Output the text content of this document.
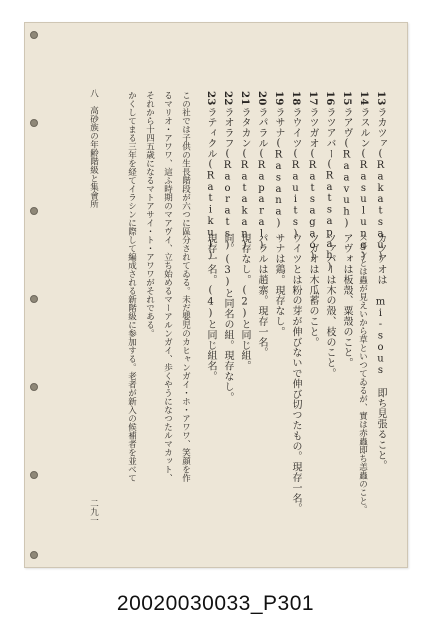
13
ラカツァ(Rakatsau)
カツアオは mi-sous 即ち見張ること。
14
ラスルン(Rasulung)
スルンとは蟲が見えいから草といつてゐるが、實は赤蟲即ち恙蟲のこと。
15
ラアヴ(Raavuh)
アヴォは板殼、粟殼のこと。
16
ラツアバー(Ratsapah)
ツァパーは木の殼、枝のこと。
17
ラツガオ(Ratsagao)
ツガオは木瓜蓄のこと。
18
ラウイツ(Rauits)
ウイツとは粉の芽が伸びないで伸び切つたもの。現存一名。
19
ラサナ(Rasana)
サナは鶏。現存なし。
20
ラパラル(Raparal)
パラルは趙寨。現存一名。
21
ラタカン(Ratakan)
現存なし。(2)と同じ組。
22
ラオラフ(Raorats)
同。(3)と同名の組。現存なし。
23
ラティクル(Ratikul)
現存一名。(4)と同じ組名。
この社では子供の生長階段が六つに區分されてゐる。未だ嬰児のカヒャンガイ・ホ・アワワ、笑顔を作
るマリオ・アワワ、這ふ時期のマアヴイ、立ち始めるマーアルンガイ、歩くやうになつたルマカット、
それから十四五歳になるマトアサイ・ト・アワワがそれである。
かくしてまる三年を経てイラシンに際して編成される新階級に参加する。老者が新入の候補者を並べて
八　高砂族の年齢階級と集會所
二九一
20020030033_P301
